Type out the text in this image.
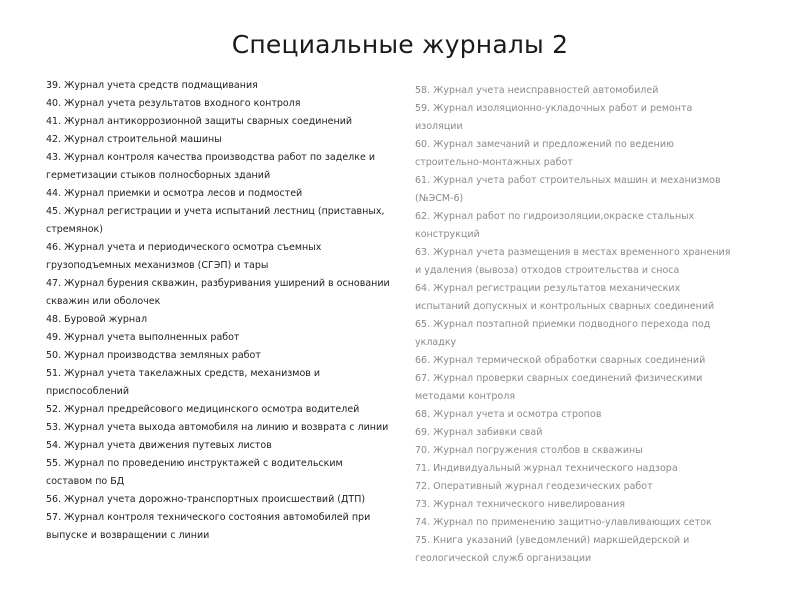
Специальные журналы 2
39. Журнал учета средств подмащивания
40. Журнал учета результатов входного контроля
41. Журнал антикоррозионной защиты сварных соединений
42. Журнал строительной машины
43. Журнал контроля качества производства работ по заделке и герметизации стыков полносборных зданий
44. Журнал приемки и осмотра лесов и подмостей
45. Журнал регистрации и учета испытаний лестниц (приставных, стремянок)
46. Журнал учета и периодического осмотра съемных грузоподъемных механизмов (СГЭП) и тары
47. Журнал бурения скважин, разбуривания уширений в основании скважин или оболочек
48. Буровой журнал
49. Журнал учета выполненных работ
50. Журнал производства земляных работ
51. Журнал учета такелажных средств, механизмов и приспособлений
52. Журнал предрейсового медицинского осмотра водителей
53. Журнал учета выхода автомобиля на линию и возврата с линии
54. Журнал учета движения путевых листов
55. Журнал по проведению инструктажей с водительским составом по БД
56. Журнал учета дорожно-транспортных происшествий (ДТП)
57. Журнал контроля технического состояния автомобилей при выпуске и возвращении с линии
58. Журнал учета неисправностей автомобилей
59. Журнал изоляционно-укладочных работ и ремонта изоляции
60. Журнал замечаний и предложений по ведению строительно-монтажных работ
61. Журнал учета работ строительных машин и механизмов (№ЭСМ-6)
62. Журнал работ по гидроизоляции,окраске стальных конструкций
63. Журнал учета размещения в местах временного хранения и удаления (вывоза) отходов строительства и сноса
64. Журнал регистрации результатов механических испытаний допускных и контрольных сварных соединений
65. Журнал поэтапной приемки подводного перехода под укладку
66. Журнал термической обработки сварных соединений
67. Журнал проверки сварных соединений физическими методами контроля
68. Журнал учета и осмотра стропов
69. Журнал забивки свай
70. Журнал погружения столбов в скважины
71. Индивидуальный журнал технического надзора
72. Оперативный журнал геодезических работ
73. Журнал технического нивелирования
74. Журнал по применению защитно-улавливающих сеток
75. Книга указаний (уведомлений) маркшейдерской и геологической служб организации
